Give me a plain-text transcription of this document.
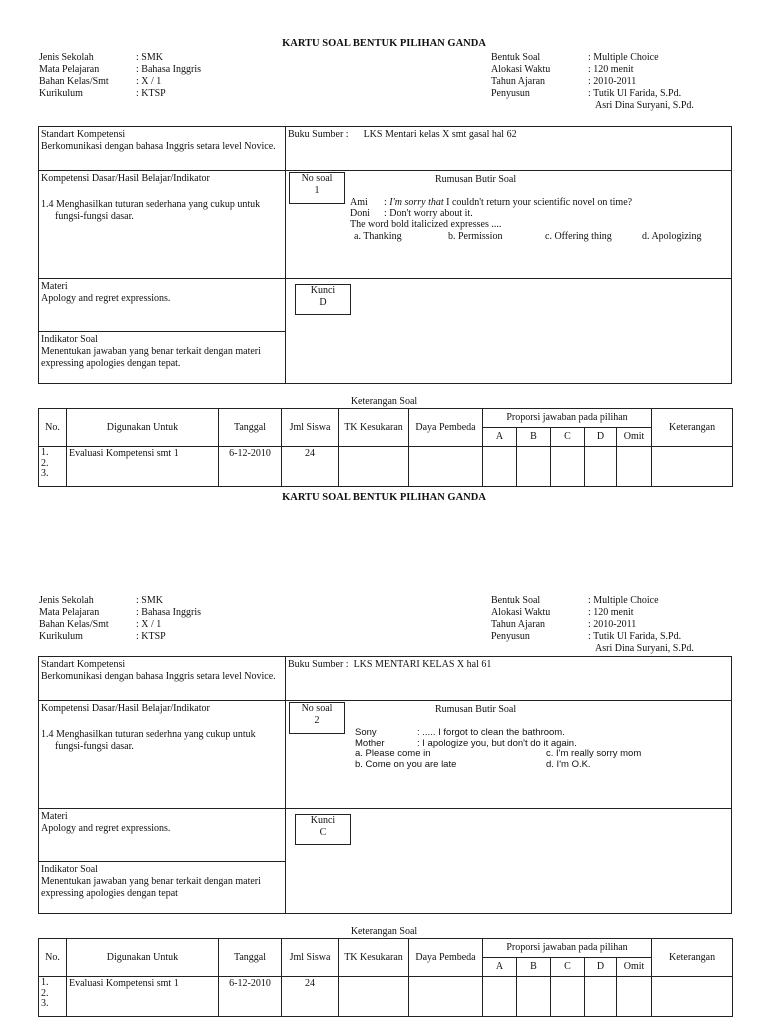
KARTU SOAL BENTUK PILIHAN GANDA
Jenis Sekolah	: SMK
Mata Pelajaran	: Bahasa Inggris
Bahan Kelas/Smt	: X / 1
Kurikulum	: KTSP
Bentuk Soal	: Multiple Choice
Alokasi Waktu	: 120 menit
Tahun Ajaran	: 2010-2011
Penyusun	: Tutik Ul Farida, S.Pd.
Asri Dina Suryani, S.Pd.
Standart Kompetensi
Berkomunikasi dengan bahasa Inggris setara level Novice.
Buku Sumber : LKS Mentari kelas X smt gasal hal 62
Kompetensi Dasar/Hasil Belajar/Indikator
1.4 Menghasilkan tuturan sederhana yang cukup untuk
fungsi-fungsi dasar.
No soal
1
Rumusan Butir Soal
Ami : I'm sorry that I couldn't return your scientific novel on time?
Doni : Don't worry about it.
The word bold italicized expresses ....
a. Thanking	b. Permission	c. Offering thing	d. Apologizing
Materi
Apology and regret expressions.
Kunci
D
Indikator Soal
Menentukan jawaban yang benar terkait dengan materi
expressing apologies dengan tepat.
Keterangan Soal
No.	Digunakan Untuk	Tanggal	Jml Siswa	TK Kesukaran	Daya Pembeda	Proporsi jawaban pada pilihan					Keterangan
						A	B	C	D	Omit	

1.
2.
3.	Evaluasi Kompetensi smt 1	6-12-2010	24								
KARTU SOAL BENTUK PILIHAN GANDA
Jenis Sekolah	: SMK
Mata Pelajaran	: Bahasa Inggris
Bahan Kelas/Smt	: X / 1
Kurikulum	: KTSP
Bentuk Soal	: Multiple Choice
Alokasi Waktu	: 120 menit
Tahun Ajaran	: 2010-2011
Penyusun	: Tutik Ul Farida, S.Pd.
Asri Dina Suryani, S.Pd.
Standart Kompetensi
Berkomunikasi dengan bahasa Inggris setara level Novice.
Buku Sumber : LKS MENTARI KELAS X hal 61
Kompetensi Dasar/Hasil Belajar/Indikator
1.4 Menghasilkan tuturan sederhna yang cukup untuk
fungsi-fungsi dasar.
No soal
2
Rumusan Butir Soal
Sony	: ..... I forgot to clean the bathroom.
Mother	: I apologize you, but don't do it again.
a. Please come in	c. I'm really sorry mom
b. Come on you are late	d. I'm O.K.
Materi
Apology and regret expressions.
Kunci
C
Indikator Soal
Menentukan jawaban yang benar terkait dengan materi
expressing apologies dengan tepat
Keterangan Soal
No.	Digunakan Untuk	Tanggal	Jml Siswa	TK Kesukaran	Daya Pembeda	Proporsi jawaban pada pilihan					Keterangan
						A	B	C	D	Omit	

1.
2.
3.	Evaluasi Kompetensi smt 1	6-12-2010	24								
